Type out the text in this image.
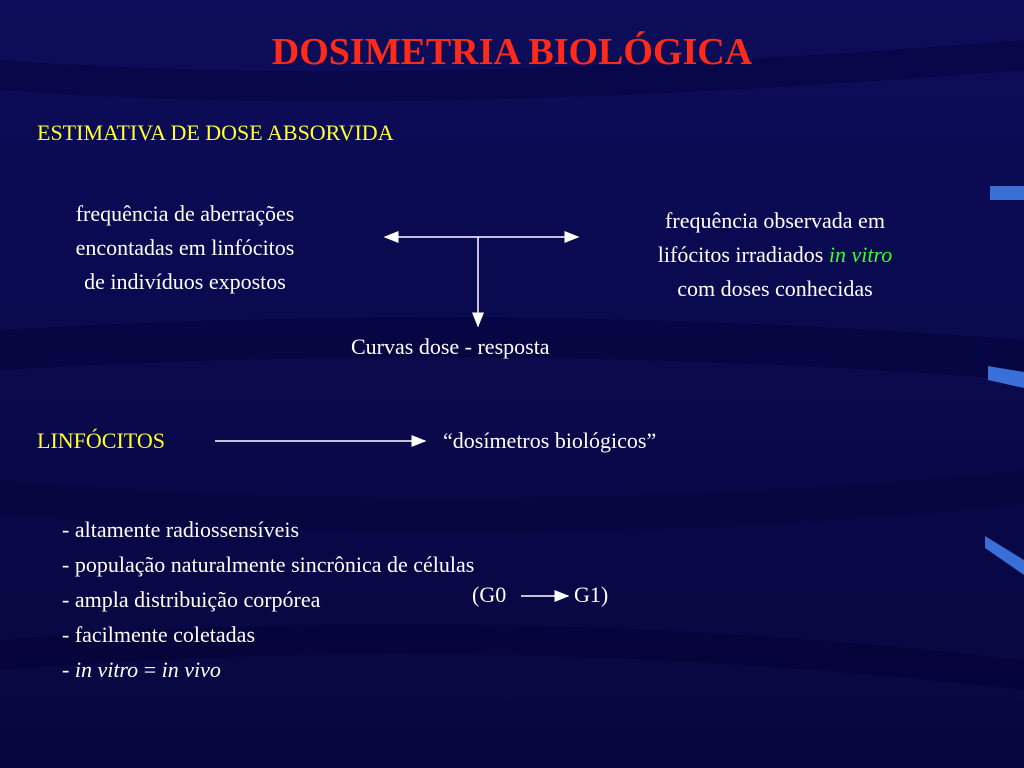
DOSIMETRIA BIOLÓGICA
ESTIMATIVA DE DOSE ABSORVIDA
frequência de aberrações
encontadas em linfócitos
de indivíduos expostos
frequência observada em
lifócitos irradiados in vitro
com doses conhecidas
Curvas dose - resposta
LINFÓCITOS	“dosímetros biológicos”
- altamente radiossensíveis
- população naturalmente sincrônica de células
- ampla distribuição corpórea
- facilmente coletadas
- in vitro = in vivo
(G0	G1)
